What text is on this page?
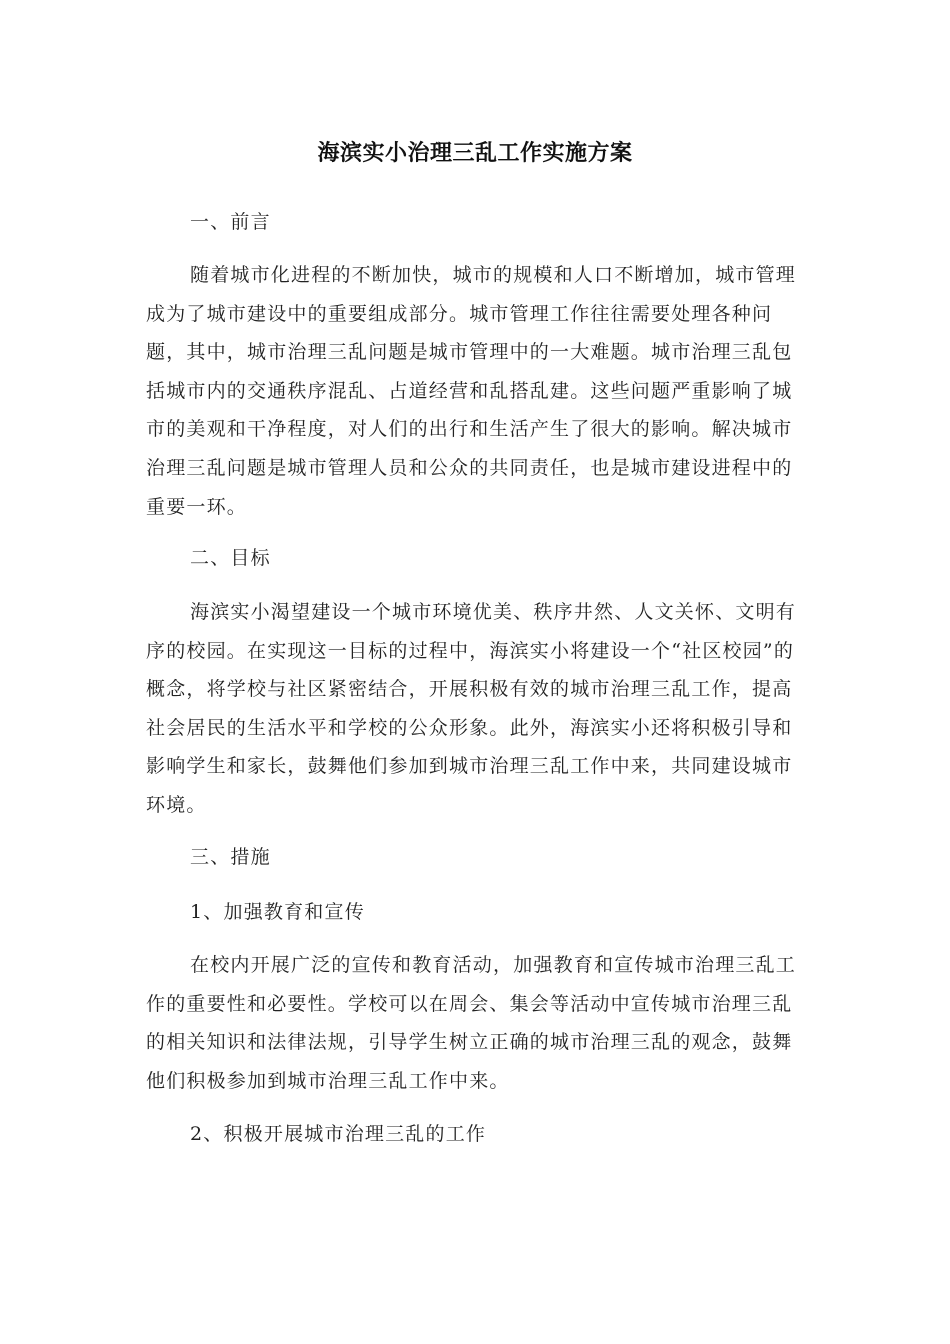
海滨实小治理三乱工作实施方案
一、前言

随着城市化进程的不断加快，城市的规模和人口不断增加，城市管理成为了城市建设中的重要组成部分。城市管理工作往往需要处理各种问题，其中，城市治理三乱问题是城市管理中的一大难题。城市治理三乱包括城市内的交通秩序混乱、占道经营和乱搭乱建。这些问题严重影响了城市的美观和干净程度，对人们的出行和生活产生了很大的影响。解决城市治理三乱问题是城市管理人员和公众的共同责任，也是城市建设进程中的重要一环。

二、目标

海滨实小渴望建设一个城市环境优美、秩序井然、人文关怀、文明有序的校园。在实现这一目标的过程中，海滨实小将建设一个“社区校园”的概念，将学校与社区紧密结合，开展积极有效的城市治理三乱工作，提高社会居民的生活水平和学校的公众形象。此外，海滨实小还将积极引导和影响学生和家长，鼓舞他们参加到城市治理三乱工作中来，共同建设城市环境。

三、措施
1、加强教育和宣传

在校内开展广泛的宣传和教育活动，加强教育和宣传城市治理三乱工作的重要性和必要性。学校可以在周会、集会等活动中宣传城市治理三乱的相关知识和法律法规，引导学生树立正确的城市治理三乱的观念，鼓舞他们积极参加到城市治理三乱工作中来。

2、积极开展城市治理三乱的工作
